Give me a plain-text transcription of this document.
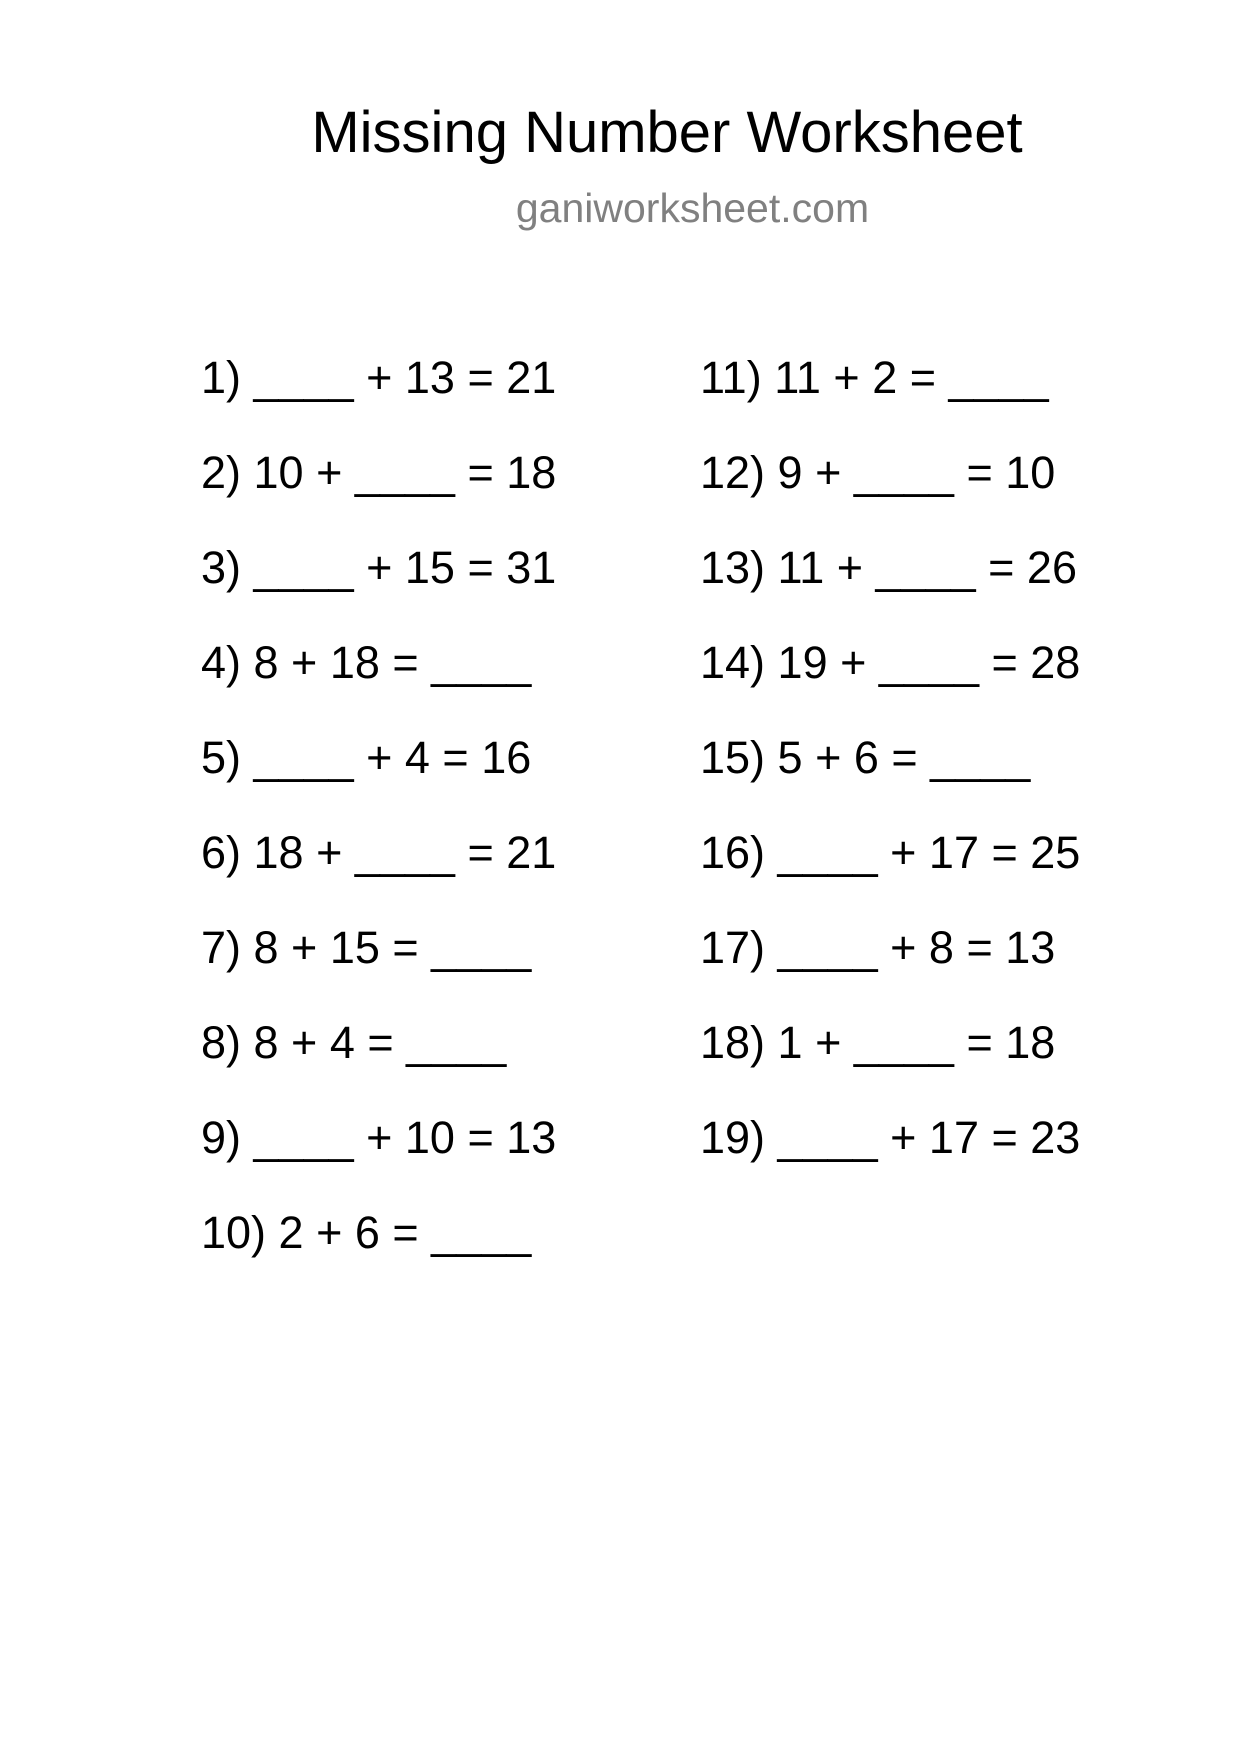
Missing Number Worksheet
ganiworksheet.com
1) ____ + 13 = 21
2) 10 + ____ = 18
3) ____ + 15 = 31
4) 8 + 18 = ____
5) ____ + 4 = 16
6) 18 + ____ = 21
7) 8 + 15 = ____
8) 8 + 4 = ____
9) ____ + 10 = 13
10) 2 + 6 = ____
11) 11 + 2 = ____
12) 9 + ____ = 10
13) 11 + ____ = 26
14) 19 + ____ = 28
15) 5 + 6 = ____
16) ____ + 17 = 25
17) ____ + 8 = 13
18) 1 + ____ = 18
19) ____ + 17 = 23
